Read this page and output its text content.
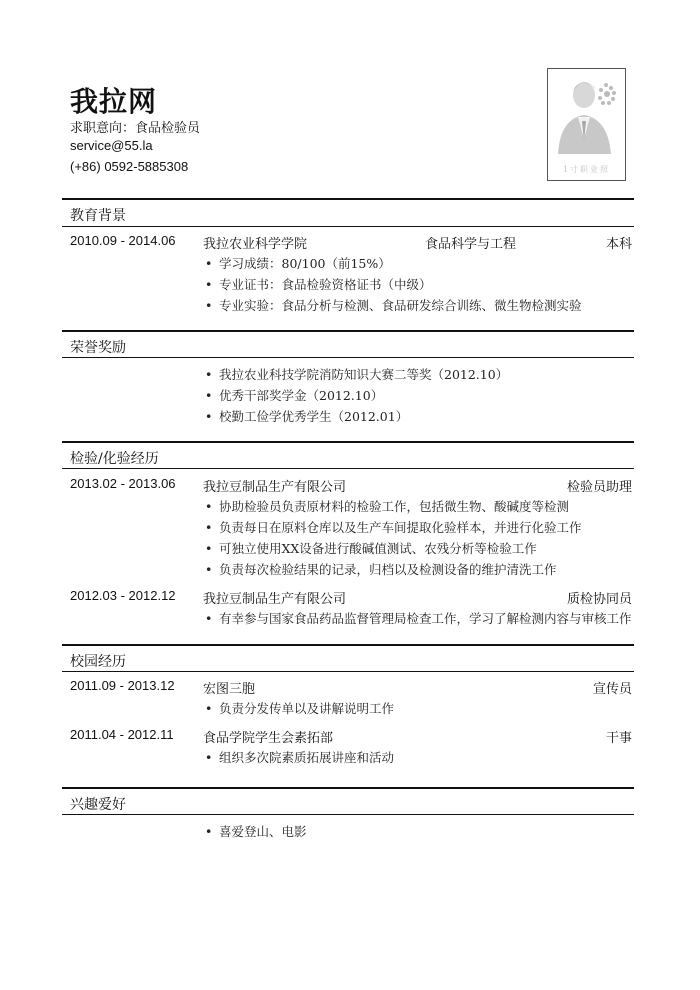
我拉网
求职意向：食品检验员
service@55.la
(+86) 0592-5885308	1寸职业照
教育背景
2010.09 - 2014.06 我拉农业科学学院	食品科学与工程	本科
• 学习成绩：80/100（前15%）
• 专业证书：食品检验资格证书（中级）
• 专业实验：食品分析与检测、食品研发综合训练、微生物检测实验
荣誉奖励
• 我拉农业科技学院消防知识大赛二等奖（2012.10）
• 优秀干部奖学金（2012.10）
• 校勤工俭学优秀学生（2012.01）
检验/化验经历
2013.02 - 2013.06 我拉豆制品生产有限公司	检验员助理
• 协助检验员负责原材料的检验工作，包括微生物、酸碱度等检测
• 负责每日在原料仓库以及生产车间提取化验样本，并进行化验工作
• 可独立使用XX设备进行酸碱值测试、农残分析等检验工作
• 负责每次检验结果的记录，归档以及检测设备的维护清洗工作
2012.03 - 2012.12 我拉豆制品生产有限公司	质检协同员
• 有幸参与国家食品药品监督管理局检查工作，学习了解检测内容与审核工作
校园经历
2011.09 - 2013.12 宏图三胞	宣传员
• 负责分发传单以及讲解说明工作
2011.04 - 2012.11 食品学院学生会素拓部	干事
• 组织多次院素质拓展讲座和活动
兴趣爱好
• 喜爱登山、电影
